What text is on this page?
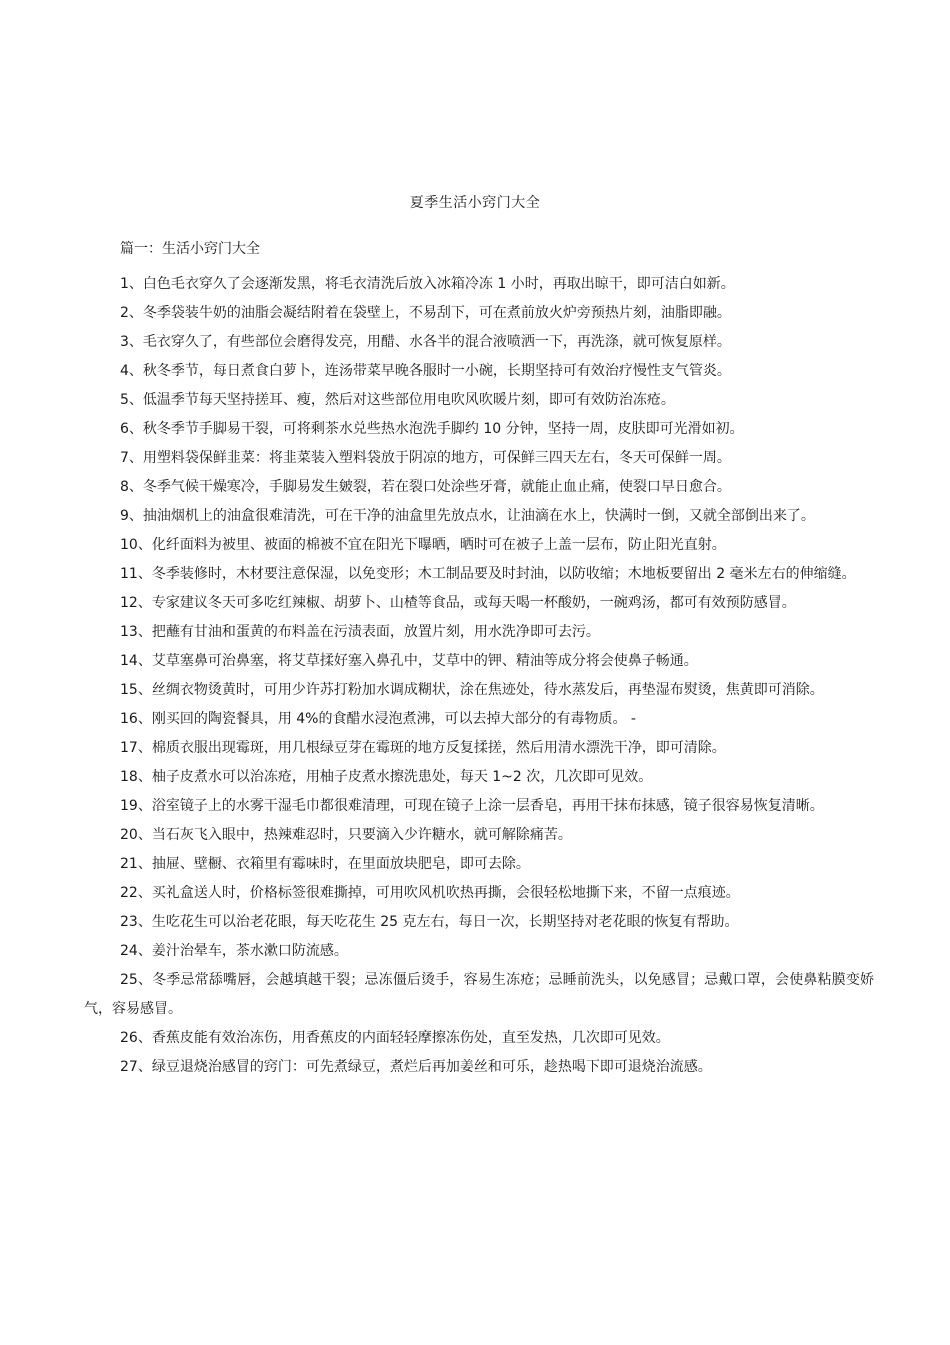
夏季生活小窍门大全
篇一：生活小窍门大全

1、白色毛衣穿久了会逐渐发黑，将毛衣清洗后放入冰箱冷冻 1 小时，再取出晾干，即可洁白如新。

2、冬季袋装牛奶的油脂会凝结附着在袋壁上，不易刮下，可在煮前放火炉旁预热片刻，油脂即融。

3、毛衣穿久了，有些部位会磨得发亮，用醋、水各半的混合液喷洒一下，再洗涤，就可恢复原样。

4、秋冬季节，每日煮食白萝卜，连汤带菜早晚各服时一小碗，长期坚持可有效治疗慢性支气管炎。

5、低温季节每天坚持搓耳、瘦，然后对这些部位用电吹风吹暖片刻，即可有效防治冻疮。

6、秋冬季节手脚易干裂，可将剩茶水兑些热水泡洗手脚约 10 分钟，坚持一周，皮肤即可光滑如初。

7、用塑料袋保鲜韭菜：将韭菜装入塑料袋放于阴凉的地方，可保鲜三四天左右，冬天可保鲜一周。

8、冬季气候干燥寒冷，手脚易发生皴裂，若在裂口处涂些牙膏，就能止血止痛，使裂口早日愈合。

9、抽油烟机上的油盒很难清洗，可在干净的油盒里先放点水，让油滴在水上，快满时一倒，又就全部倒出来了。

10、化纤面料为被里、被面的棉被不宜在阳光下曝晒，晒时可在被子上盖一层布，防止阳光直射。

11、冬季装修时，木材要注意保湿，以免变形；木工制品要及时封油，以防收缩；木地板要留出 2 毫米左右的伸缩缝。

12、专家建议冬天可多吃红辣椒、胡萝卜、山楂等食品，或每天喝一杯酸奶，一碗鸡汤，都可有效预防感冒。

13、把蘸有甘油和蛋黄的布料盖在污渍表面，放置片刻，用水洗净即可去污。

14、艾草塞鼻可治鼻塞，将艾草揉好塞入鼻孔中，艾草中的钾、精油等成分将会使鼻子畅通。

15、丝绸衣物烫黄时，可用少许苏打粉加水调成糊状，涂在焦迹处，待水蒸发后，再垫湿布熨烫，焦黄即可消除。

16、刚买回的陶瓷餐具，用 4%的食醋水浸泡煮沸，可以去掉大部分的有毒物质。 -

17、棉质衣服出现霉斑，用几根绿豆芽在霉斑的地方反复揉搓，然后用清水漂洗干净，即可清除。

18、柚子皮煮水可以治冻疮，用柚子皮煮水擦洗患处，每天 1~2 次，几次即可见效。

19、浴室镜子上的水雾干湿毛巾都很难清理，可现在镜子上涂一层香皂，再用干抹布抹感，镜子很容易恢复清晰。

20、当石灰飞入眼中，热辣难忍时，只要滴入少许糖水，就可解除痛苦。

21、抽屉、壁橱、衣箱里有霉味时，在里面放块肥皂，即可去除。

22、买礼盒送人时，价格标签很难撕掉，可用吹风机吹热再撕，会很轻松地撕下来，不留一点痕迹。

23、生吃花生可以治老花眼，每天吃花生 25 克左右，每日一次，长期坚持对老花眼的恢复有帮助。

24、姜汁治晕车，茶水漱口防流感。

25、冬季忌常舔嘴唇，会越填越干裂；忌冻僵后烫手，容易生冻疮；忌睡前洗头，以免感冒；忌戴口罩，会使鼻粘膜变娇气，容易感冒。

26、香蕉皮能有效治冻伤，用香蕉皮的内面轻轻摩擦冻伤处，直至发热，几次即可见效。

27、绿豆退烧治感冒的窍门：可先煮绿豆，煮烂后再加姜丝和可乐，趁热喝下即可退烧治流感。
